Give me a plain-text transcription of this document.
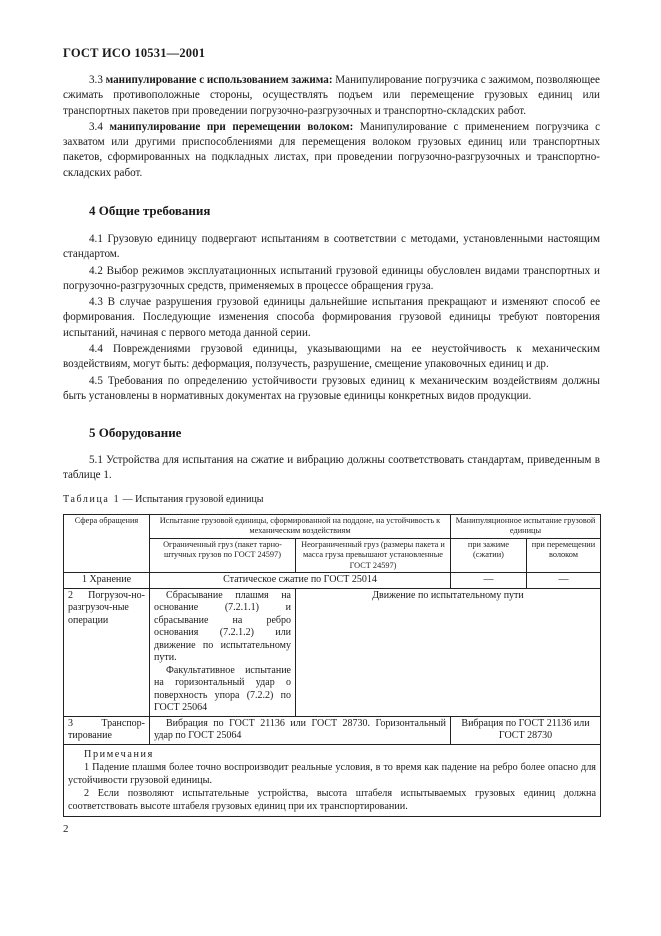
ГОСТ ИСО 10531—2001

3.3 манипулирование с использованием зажима: Манипулирование погрузчика с зажимом, позволяющее сжимать противоположные стороны, осуществлять подъем или перемещение грузовых единиц или транспортных пакетов при проведении погрузочно-разгрузочных и транспортно-складских работ.

3.4 манипулирование при перемещении волоком: Манипулирование с применением погрузчика с захватом или другими приспособлениями для перемещения волоком грузовых единиц или транспортных пакетов, сформированных на подкладных листах, при проведении погрузочно-разгрузочных и транспортно-складских работ.

4 Общие требования

4.1 Грузовую единицу подвергают испытаниям в соответствии с методами, установленными настоящим стандартом.

4.2 Выбор режимов эксплуатационных испытаний грузовой единицы обусловлен видами транспортных и погрузочно-разгрузочных средств, применяемых в процессе обращения груза.

4.3 В случае разрушения грузовой единицы дальнейшие испытания прекращают и изменяют способ ее формирования. Последующие изменения способа формирования грузовой единицы требуют повторения испытаний, начиная с первого метода данной серии.

4.4 Повреждениями грузовой единицы, указывающими на ее неустойчивость к механическим воздействиям, могут быть: деформация, ползучесть, разрушение, смещение упаковочных единиц и др.

4.5 Требования по определению устойчивости грузовых единиц к механическим воздействиям должны быть установлены в нормативных документах на грузовые единицы конкретных видов продукции.

5 Оборудование

5.1 Устройства для испытания на сжатие и вибрацию должны соответствовать стандартам, приведенным в таблице 1.

Таблица 1 — Испытания грузовой единицы
Сфера обращения	Испытание грузовой единицы, сформированной на поддоне, на устойчивость к механическим воздействиям		Манипуляционное испытание грузовой единицы	
	Ограниченный груз (пакет тарно-штучных грузов по ГОСТ 24597)	Неограниченный груз (размеры пакета и масса груза превышают установленные ГОСТ 24597)	при зажиме (сжатии)	при перемещении волоком
1 Хранение	Статическое сжатие по ГОСТ 25014		—	—
2 Погрузоч-но-разгрузоч-ные операции	Сбрасывание плашмя на основание (7.2.1.1) и сбрасывание на ребро основания (7.2.1.2) или движение по испытательному пути.

Факультативное испытание на горизонтальный удар о поверхность упора (7.2.2) по ГОСТ 25064	Движение по испытательному пути		
3 Транспор-тирование	Вибрация по ГОСТ 21136 или ГОСТ 28730. Горизонтальный удар по ГОСТ 25064		Вибрация по ГОСТ 21136 или ГОСТ 28730	

Примечания

1 Падение плашмя более точно воспроизводит реальные условия, в то время как падение на ребро более опасно для устойчивости грузовой единицы.

2 Если позволяют испытательные устройства, высота штабеля испытываемых грузовых единиц должна соответствовать высоте штабеля грузовых единиц при их транспортировании.				

2
